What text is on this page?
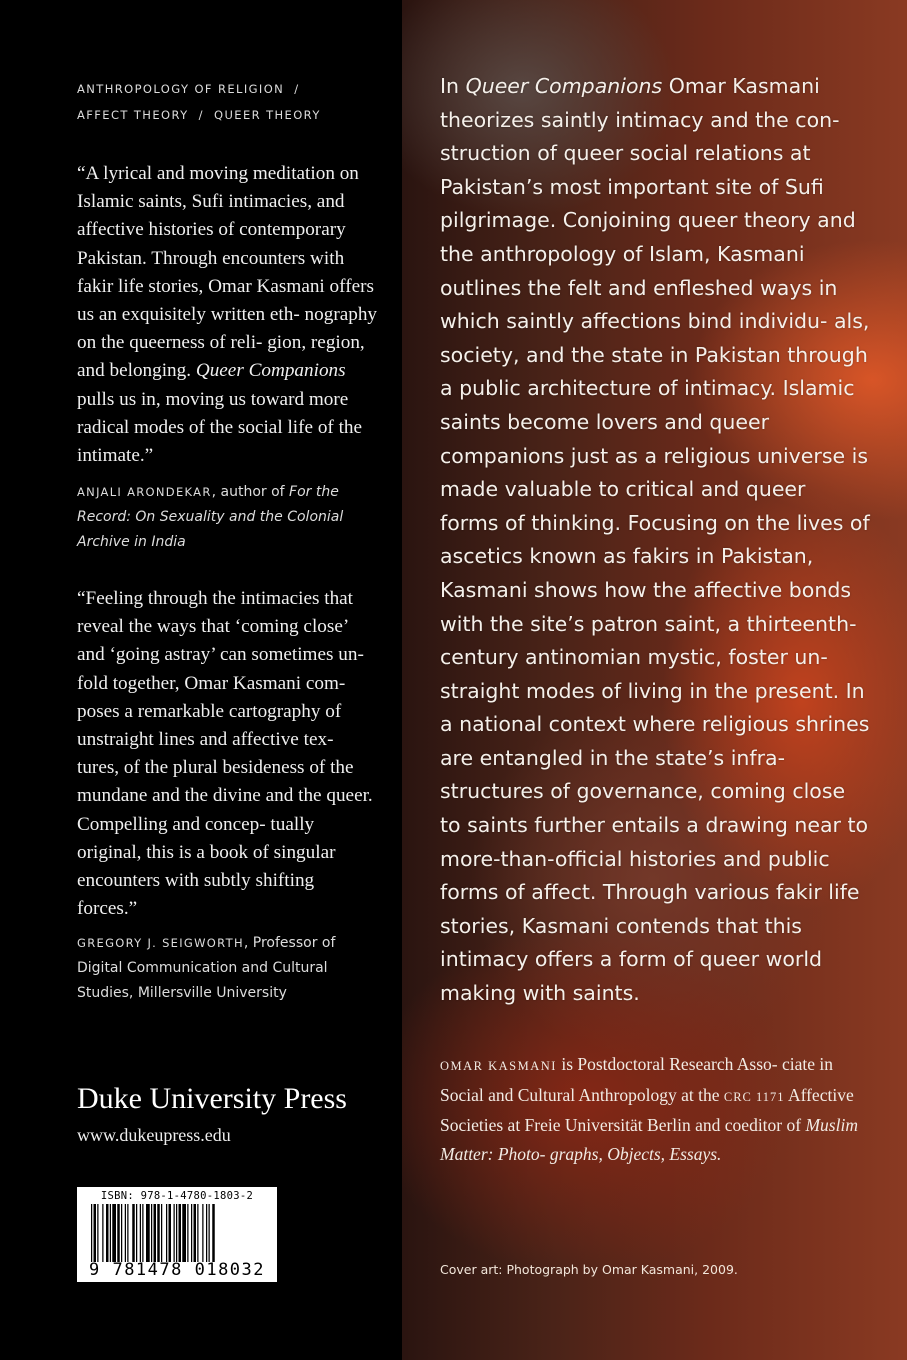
ANTHROPOLOGY OF RELIGION  /
AFFECT THEORY  /  QUEER THEORY
“A lyrical and moving meditation on Islamic saints, Sufi intimacies, and affective histories of contemporary Pakistan. Through encounters with fakir life stories, Omar Kasmani offers us an exquisitely written eth- nography on the queerness of reli- gion, region, and belonging. Queer Companions pulls us in, moving us toward more radical modes of the social life of the intimate.”
ANJALI ARONDEKAR, author of For the Record: On Sexuality and the Colonial Archive in India
“Feeling through the intimacies that reveal the ways that ‘coming close’ and ‘going astray’ can sometimes un- fold together, Omar Kasmani com- poses a remarkable cartography of unstraight lines and affective tex- tures, of the plural besideness of the mundane and the divine and the queer. Compelling and concep- tually original, this is a book of singular encounters with subtly shifting forces.”
GREGORY J. SEIGWORTH, Professor of Digital Communication and Cultural Studies, Millersville University
Duke University Press
www.dukeupress.edu
ISBN: 978-1-4780-1803-2
9 781478 018032
In Queer Companions Omar Kasmani theorizes saintly intimacy and the con- struction of queer social relations at Pakistan’s most important site of Sufi pilgrimage. Conjoining queer theory and the anthropology of Islam, Kasmani outlines the felt and enfleshed ways in which saintly affections bind individu- als, society, and the state in Pakistan through a public architecture of intimacy. Islamic saints become lovers and queer companions just as a religious universe is made valuable to critical and queer forms of thinking. Focusing on the lives of ascetics known as fakirs in Pakistan, Kasmani shows how the affective bonds with the site’s patron saint, a thirteenth- century antinomian mystic, foster un- straight modes of living in the present. In a national context where religious shrines are entangled in the state’s infra- structures of governance, coming close to saints further entails a drawing near to more-than-official histories and public forms of affect. Through various fakir life stories, Kasmani contends that this intimacy offers a form of queer world making with saints.
OMAR KASMANI is Postdoctoral Research Asso- ciate in Social and Cultural Anthropology at the CRC 1171 Affective Societies at Freie Universität Berlin and coeditor of Muslim Matter: Photo- graphs, Objects, Essays.
Cover art: Photograph by Omar Kasmani, 2009.
